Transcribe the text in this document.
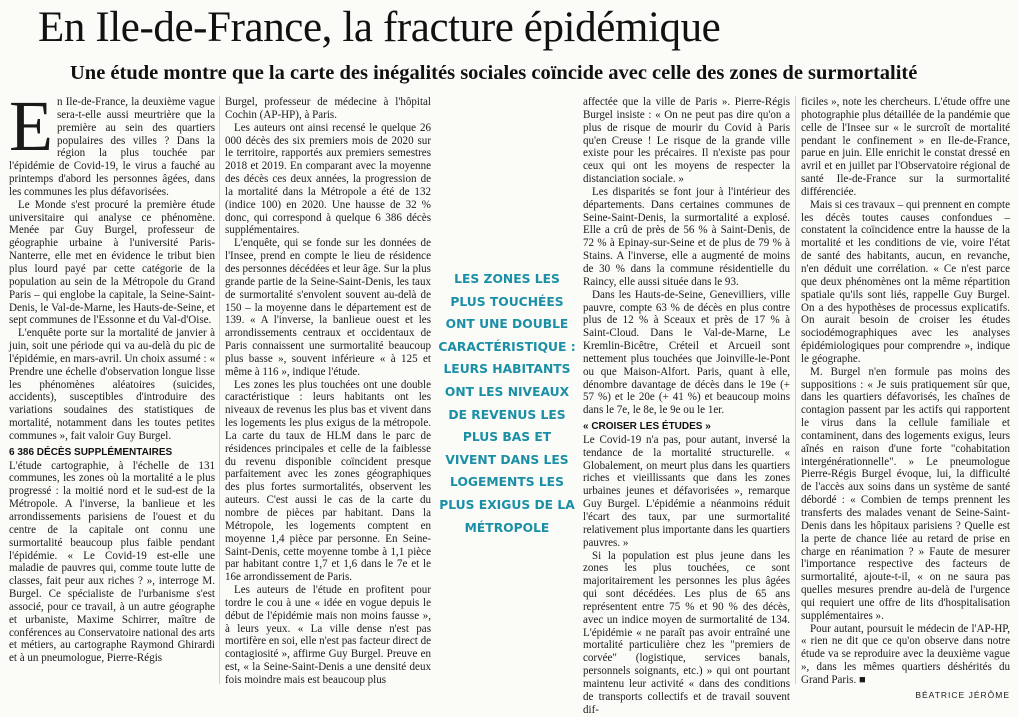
En Ile-de-France, la fracture épidémique
Une étude montre que la carte des inégalités sociales coïncide avec celle des zones de surmortalité
E n Ile-de-France, la deuxième vague sera-t-elle aussi meurtrière que la première au sein des quartiers populaires des villes ? Dans la région la plus touchée par l'épidémie de Covid-19, le virus a fauché au printemps d'abord les personnes âgées, dans les communes les plus défavorisées.

Le Monde s'est procuré la première étude universitaire qui analyse ce phénomène. Menée par Guy Burgel, professeur de géographie urbaine à l'université Paris-Nanterre, elle met en évidence le tribut bien plus lourd payé par cette catégorie de la population au sein de la Métropole du Grand Paris – qui englobe la capitale, la Seine-Saint-Denis, le Val-de-Marne, les Hauts-de-Seine, et sept communes de l'Essonne et du Val-d'Oise.

L'enquête porte sur la mortalité de janvier à juin, soit une période qui va au-delà du pic de l'épidémie, en mars-avril. Un choix assumé : « Prendre une échelle d'observation longue lisse les phénomènes aléatoires (suicides, accidents), susceptibles d'introduire des variations soudaines des statistiques de mortalité, notamment dans les toutes petites communes », fait valoir Guy Burgel.

6 386 DÉCÈS SUPPLÉMENTAIRES

L'étude cartographie, à l'échelle de 131 communes, les zones où la mortalité a le plus progressé : la moitié nord et le sud-est de la Métropole. A l'inverse, la banlieue et les arrondissements parisiens de l'ouest et du centre de la capitale ont connu une surmortalité beaucoup plus faible pendant l'épidémie. « Le Covid-19 est-elle une maladie de pauvres qui, comme toute lutte de classes, fait peur aux riches ? », interroge M. Burgel. Ce spécialiste de l'urbanisme s'est associé, pour ce travail, à un autre géographe et urbaniste, Maxime Schirrer, maître de conférences au Conservatoire national des arts et métiers, au cartographe Raymond Ghirardi et à un pneumologue, Pierre-Régis

Burgel, professeur de médecine à l'hôpital Cochin (AP-HP), à Paris.

Les auteurs ont ainsi recensé le quelque 26 000 décès des six premiers mois de 2020 sur le territoire, rapportés aux premiers semestres 2018 et 2019. En comparant avec la moyenne des décès ces deux années, la progression de la mortalité dans la Métropole a été de 132 (indice 100) en 2020. Une hausse de 32 % donc, qui correspond à quelque 6 386 décès supplémentaires.

L'enquête, qui se fonde sur les données de l'Insee, prend en compte le lieu de résidence des personnes décédées et leur âge. Sur la plus grande partie de la Seine-Saint-Denis, les taux de surmortalité s'envolent souvent au-delà de 150 – la moyenne dans le département est de 139. « A l'inverse, la banlieue ouest et les arrondissements centraux et occidentaux de Paris connaissent une surmortalité beaucoup plus basse », souvent inférieure « à 125 et même à 116 », indique l'étude.

Les zones les plus touchées ont une double caractéristique : leurs habitants ont les niveaux de revenus les plus bas et vivent dans les logements les plus exigus de la métropole. La carte du taux de HLM dans le parc de résidences principales et celle de la faiblesse du revenu disponible coïncident presque parfaitement avec les zones géographiques des plus fortes surmortalités, observent les auteurs. C'est aussi le cas de la carte du nombre de pièces par habitant. Dans la Métropole, les logements comptent en moyenne 1,4 pièce par personne. En Seine-Saint-Denis, cette moyenne tombe à 1,1 pièce par habitant contre 1,7 et 1,6 dans le 7e et le 16e arrondissement de Paris.

Les auteurs de l'étude en profitent pour tordre le cou à une « idée en vogue depuis le début de l'épidémie mais non moins fausse », à leurs yeux. « La ville dense n'est pas mortifère en soi, elle n'est pas facteur direct de contagiosité », affirme Guy Burgel. Preuve en est, « la Seine-Saint-Denis a une densité deux fois moindre mais est beaucoup plus

LES ZONES LES PLUS TOUCHÉES ONT UNE DOUBLE CARACTÉRISTIQUE : LEURS HABITANTS ONT LES NIVEAUX DE REVENUS LES PLUS BAS ET VIVENT DANS LES LOGEMENTS LES PLUS EXIGUS DE LA MÉTROPOLE

affectée que la ville de Paris ». Pierre-Régis Burgel insiste : « On ne peut pas dire qu'on a plus de risque de mourir du Covid à Paris qu'en Creuse ! Le risque de la grande ville existe pour les précaires. Il n'existe pas pour ceux qui ont les moyens de respecter la distanciation sociale. »

Les disparités se font jour à l'intérieur des départements. Dans certaines communes de Seine-Saint-Denis, la surmortalité a explosé. Elle a crû de près de 56 % à Saint-Denis, de 72 % à Epinay-sur-Seine et de plus de 79 % à Stains. A l'inverse, elle a augmenté de moins de 30 % dans la commune résidentielle du Raincy, elle aussi située dans le 93.

Dans les Hauts-de-Seine, Genevilliers, ville pauvre, compte 63 % de décès en plus contre plus de 12 % à Sceaux et près de 17 % à Saint-Cloud. Dans le Val-de-Marne, Le Kremlin-Bicêtre, Créteil et Arcueil sont nettement plus touchées que Joinville-le-Pont ou que Maison-Alfort. Paris, quant à elle, dénombre davantage de décès dans le 19e (+ 57 %) et le 20e (+ 41 %) et beaucoup moins dans le 7e, le 8e, le 9e ou le 1er.

« CROISER LES ÉTUDES »

Le Covid-19 n'a pas, pour autant, inversé la tendance de la mortalité structurelle. « Globalement, on meurt plus dans les quartiers riches et vieillissants que dans les zones urbaines jeunes et défavorisées », remarque Guy Burgel. L'épidémie a néanmoins réduit l'écart des taux, par une surmortalité relativement plus importante dans les quartiers pauvres. »

Si la population est plus jeune dans les zones les plus touchées, ce sont majoritairement les personnes les plus âgées qui sont décédées. Les plus de 65 ans représentent entre 75 % et 90 % des décès, avec un indice moyen de surmortalité de 134. L'épidémie « ne paraît pas avoir entraîné une mortalité particulière chez les "premiers de corvée" (logistique, services banals, personnels soignants, etc.) » qui ont pourtant maintenu leur activité « dans des conditions de transports collectifs et de travail souvent dif-

ficiles », note les chercheurs. L'étude offre une photographie plus détaillée de la pandémie que celle de l'Insee sur « le surcroît de mortalité pendant le confinement » en Ile-de-France, parue en juin. Elle enrichit le constat dressé en avril et en juillet par l'Observatoire régional de santé Ile-de-France sur la surmortalité différenciée.

Mais si ces travaux – qui prennent en compte les décès toutes causes confondues – constatent la coïncidence entre la hausse de la mortalité et les conditions de vie, voire l'état de santé des habitants, aucun, en revanche, n'en déduit une corrélation. « Ce n'est parce que deux phénomènes ont la même répartition spatiale qu'ils sont liés, rappelle Guy Burgel. On a des hypothèses de processus explicatifs. On aurait besoin de croiser les études sociodémographiques avec les analyses épidémiologiques pour comprendre », indique le géographe.

M. Burgel n'en formule pas moins des suppositions : « Je suis pratiquement sûr que, dans les quartiers défavorisés, les chaînes de contagion passent par les actifs qui rapportent le virus dans la cellule familiale et contaminent, dans des logements exigus, leurs aînés en raison d'une forte "cohabitation intergénérationnelle". » Le pneumologue Pierre-Régis Burgel évoque, lui, la difficulté de l'accès aux soins dans un système de santé débordé : « Combien de temps prennent les transferts des malades venant de Seine-Saint-Denis dans les hôpitaux parisiens ? Quelle est la perte de chance liée au retard de prise en charge en réanimation ? » Faute de mesurer l'importance respective des facteurs de surmortalité, ajoute-t-il, « on ne saura pas quelles mesures prendre au-delà de l'urgence qui requiert une offre de lits d'hospitalisation supplémentaires ».

Pour autant, poursuit le médecin de l'AP-HP, « rien ne dit que ce qu'on observe dans notre étude va se reproduire avec la deuxième vague », dans les mêmes quartiers déshérités du Grand Paris. ■

BÉATRICE JÉRÔME
